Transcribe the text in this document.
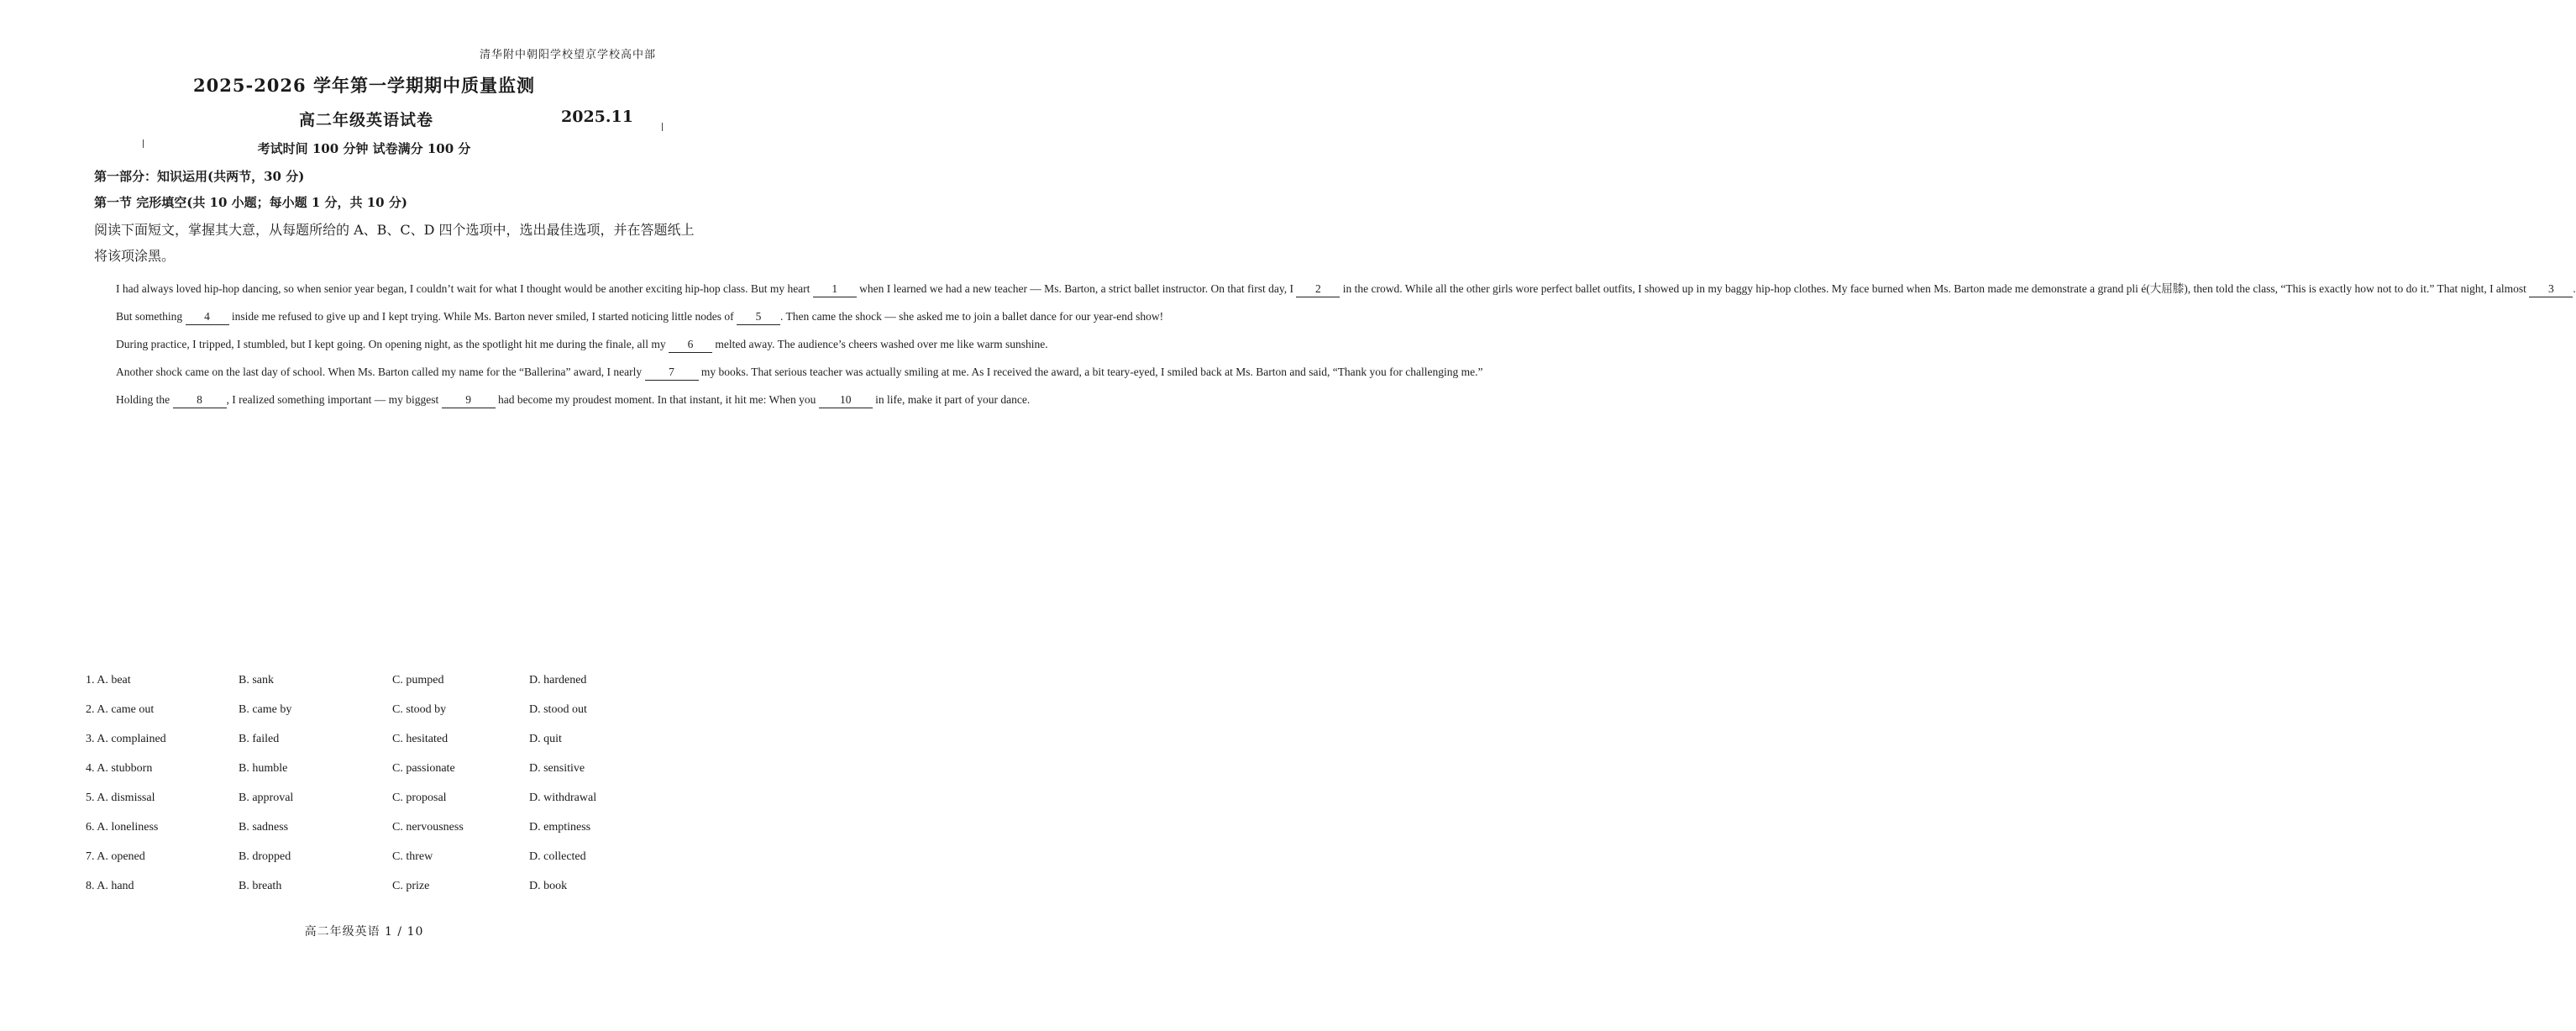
清华附中朝阳学校望京学校高中部
2025-2026 学年第一学期期中质量监测
高二年级英语试卷	2025.11
考试时间 100 分钟 试卷满分 100 分
第一部分：知识运用(共两节，30 分)
第一节 完形填空(共 10 小题；每小题 1 分，共 10 分)
阅读下面短文，掌握其大意，从每题所给的 A、B、C、D 四个选项中，选出最佳选项，并在答题纸上将该项涂黑。

I had always loved hip-hop dancing, so when senior year began, I couldn’t wait for what I thought would be another exciting hip-hop class. But my heart 1 when I learned we had a new teacher — Ms. Barton, a strict ballet instructor. On that first day, I 2 in the crowd. While all the other girls wore perfect ballet outfits, I showed up in my baggy hip-hop clothes. My face burned when Ms. Barton made me demonstrate a grand pli é(大屈膝), then told the class, “This is exactly how not to do it.” That night, I almost 3 .

But something 4 inside me refused to give up and I kept trying. While Ms. Barton never smiled, I started noticing little nodes of 5 . Then came the shock — she asked me to join a ballet dance for our year-end show!

During practice, I tripped, I stumbled, but I kept going. On opening night, as the spotlight hit me during the finale, all my 6 melted away. The audience’s cheers washed over me like warm sunshine.

Another shock came on the last day of school. When Ms. Barton called my name for the “Ballerina” award, I nearly 7 my books. That serious teacher was actually smiling at me. As I received the award, a bit teary-eyed, I smiled back at Ms. Barton and said, “Thank you for challenging me.”

Holding the 8 , I realized something important — my biggest 9 had become my proudest moment. In that instant, it hit me: When you 10 in life, make it part of your dance.

1. A. beat	B. sank	C. pumped	D. hardened
2. A. came out	B. came by	C. stood by	D. stood out
3. A. complained	B. failed	C. hesitated	D. quit
4. A. stubborn	B. humble	C. passionate	D. sensitive
5. A. dismissal	B. approval	C. proposal	D. withdrawal
6. A. loneliness	B. sadness	C. nervousness	D. emptiness
7. A. opened	B. dropped	C. threw	D. collected
8. A. hand	B. breath	C. prize	D. book
高二年级英语 1 / 10
